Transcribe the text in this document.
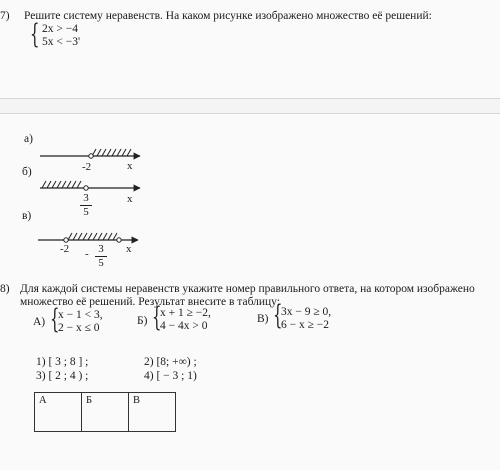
7) Решите систему неравенств. На каком рисунке изображено множество её решений:
{ 2x > −4
5x < −3'
а)
б)
в)
-2	x
3
5
x
-2 - 3
5
x
8) Для каждой системы неравенств укажите номер правильного ответа, на котором изображено
множество её решений. Результат внесите в таблицу:
А) {
x − 1 < 3,
2 − x ≤ 0
Б) {
x + 1 ≥ −2,
4 − 4x > 0
В) {
3x − 9 ≥ 0,
6 − x ≥ −2
1) [ 3 ; 8 ] ;	2) [8; +∞) ;
3) [ 2 ; 4 ) ;	4) [ − 3 ; 1)
А	Б	В
